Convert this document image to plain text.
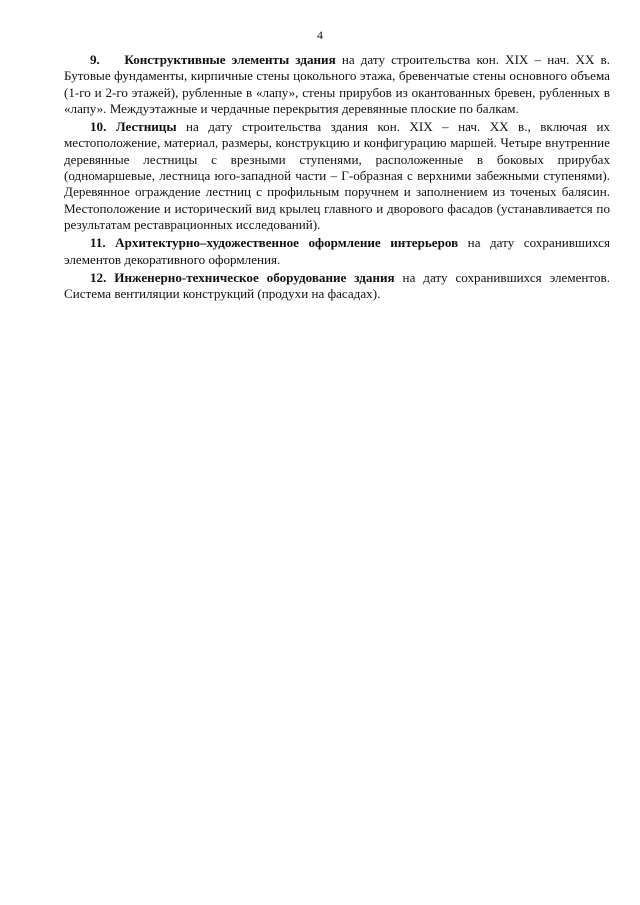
4

9. Конструктивные элементы здания на дату строительства кон. XIX – нач. XX в. Бутовые фундаменты, кирпичные стены цокольного этажа, бревенчатые стены основного объема (1-го и 2-го этажей), рубленные в «лапу», стены прирубов из окантованных бревен, рубленных в «лапу». Междуэтажные и чердачные перекрытия деревянные плоские по балкам.

10. Лестницы на дату строительства здания кон. XIX – нач. XX в., включая их местоположение, материал, размеры, конструкцию и конфигурацию маршей. Четыре внутренние деревянные лестницы с врезными ступенями, расположенные в боковых прирубах (одномаршевые, лестница юго-западной части – Г-образная с верхними забежными ступенями). Деревянное ограждение лестниц с профильным поручнем и заполнением из точеных балясин. Местоположение и исторический вид крылец главного и дворового фасадов (устанавливается по результатам реставрационных исследований).

11. Архитектурно–художественное оформление интерьеров на дату сохранившихся элементов декоративного оформления.

12. Инженерно-техническое оборудование здания на дату сохранившихся элементов. Система вентиляции конструкций (продухи на фасадах).
